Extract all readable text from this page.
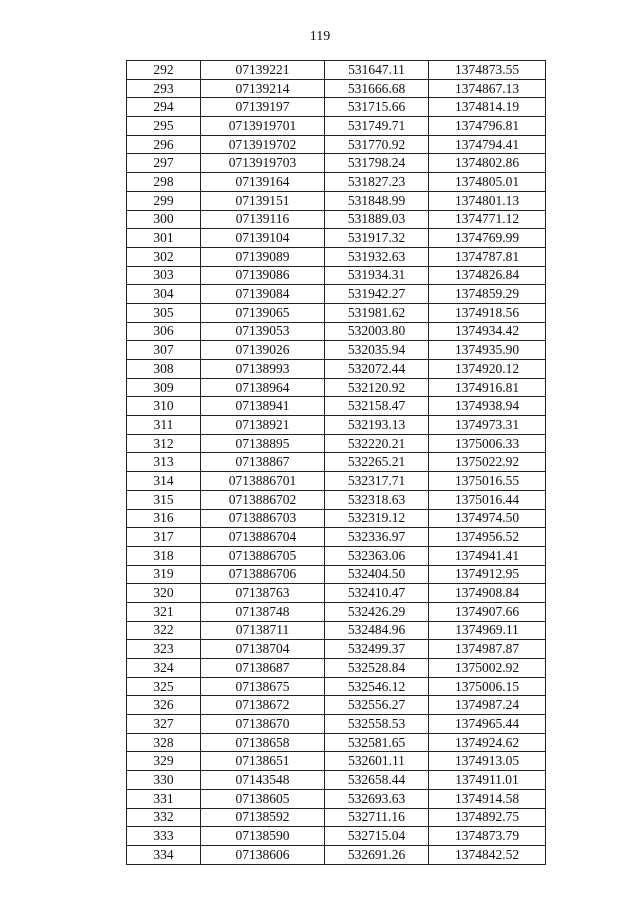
119
292	07139221	531647.11	1374873.55
293	07139214	531666.68	1374867.13
294	07139197	531715.66	1374814.19
295	0713919701	531749.71	1374796.81
296	0713919702	531770.92	1374794.41
297	0713919703	531798.24	1374802.86
298	07139164	531827.23	1374805.01
299	07139151	531848.99	1374801.13
300	07139116	531889.03	1374771.12
301	07139104	531917.32	1374769.99
302	07139089	531932.63	1374787.81
303	07139086	531934.31	1374826.84
304	07139084	531942.27	1374859.29
305	07139065	531981.62	1374918.56
306	07139053	532003.80	1374934.42
307	07139026	532035.94	1374935.90
308	07138993	532072.44	1374920.12
309	07138964	532120.92	1374916.81
310	07138941	532158.47	1374938.94
311	07138921	532193.13	1374973.31
312	07138895	532220.21	1375006.33
313	07138867	532265.21	1375022.92
314	0713886701	532317.71	1375016.55
315	0713886702	532318.63	1375016.44
316	0713886703	532319.12	1374974.50
317	0713886704	532336.97	1374956.52
318	0713886705	532363.06	1374941.41
319	0713886706	532404.50	1374912.95
320	07138763	532410.47	1374908.84
321	07138748	532426.29	1374907.66
322	07138711	532484.96	1374969.11
323	07138704	532499.37	1374987.87
324	07138687	532528.84	1375002.92
325	07138675	532546.12	1375006.15
326	07138672	532556.27	1374987.24
327	07138670	532558.53	1374965.44
328	07138658	532581.65	1374924.62
329	07138651	532601.11	1374913.05
330	07143548	532658.44	1374911.01
331	07138605	532693.63	1374914.58
332	07138592	532711.16	1374892.75
333	07138590	532715.04	1374873.79
334	07138606	532691.26	1374842.52
